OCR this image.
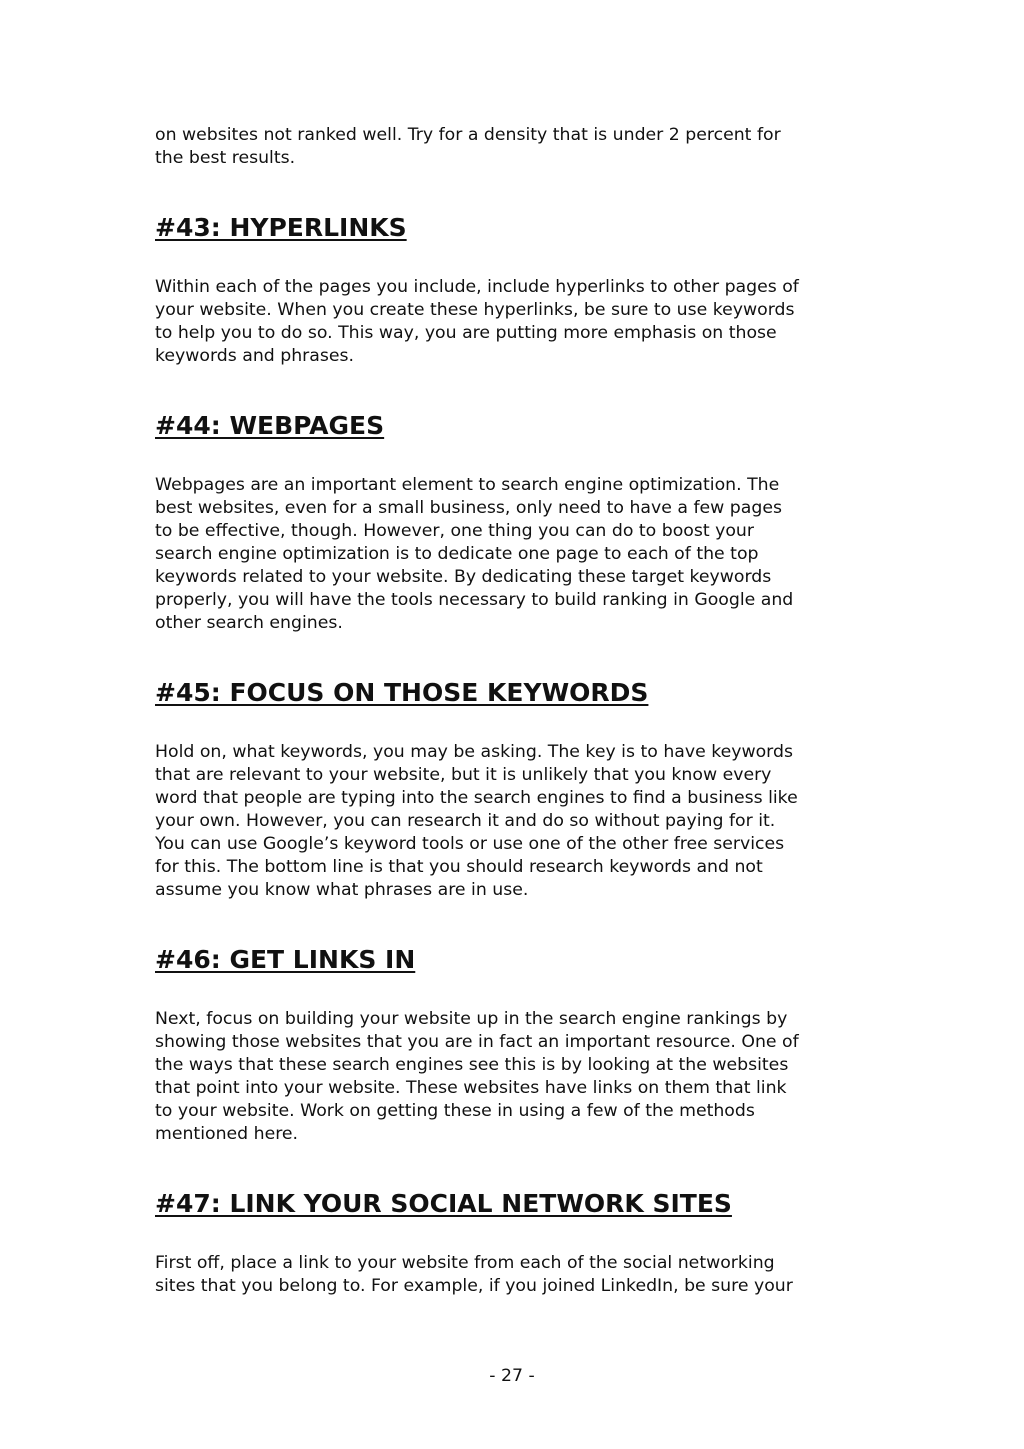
on websites not ranked well. Try for a density that is under 2 percent for
the best results.

#43: HYPERLINKS

Within each of the pages you include, include hyperlinks to other pages of
your website. When you create these hyperlinks, be sure to use keywords
to help you to do so. This way, you are putting more emphasis on those
keywords and phrases.

#44: WEBPAGES

Webpages are an important element to search engine optimization. The
best websites, even for a small business, only need to have a few pages
to be effective, though. However, one thing you can do to boost your
search engine optimization is to dedicate one page to each of the top
keywords related to your website. By dedicating these target keywords
properly, you will have the tools necessary to build ranking in Google and
other search engines.

#45: FOCUS ON THOSE KEYWORDS

Hold on, what keywords, you may be asking. The key is to have keywords
that are relevant to your website, but it is unlikely that you know every
word that people are typing into the search engines to find a business like
your own. However, you can research it and do so without paying for it.
You can use Google’s keyword tools or use one of the other free services
for this. The bottom line is that you should research keywords and not
assume you know what phrases are in use.

#46: GET LINKS IN

Next, focus on building your website up in the search engine rankings by
showing those websites that you are in fact an important resource. One of
the ways that these search engines see this is by looking at the websites
that point into your website. These websites have links on them that link
to your website. Work on getting these in using a few of the methods
mentioned here.

#47: LINK YOUR SOCIAL NETWORK SITES

First off, place a link to your website from each of the social networking
sites that you belong to. For example, if you joined LinkedIn, be sure your

- 27 -
